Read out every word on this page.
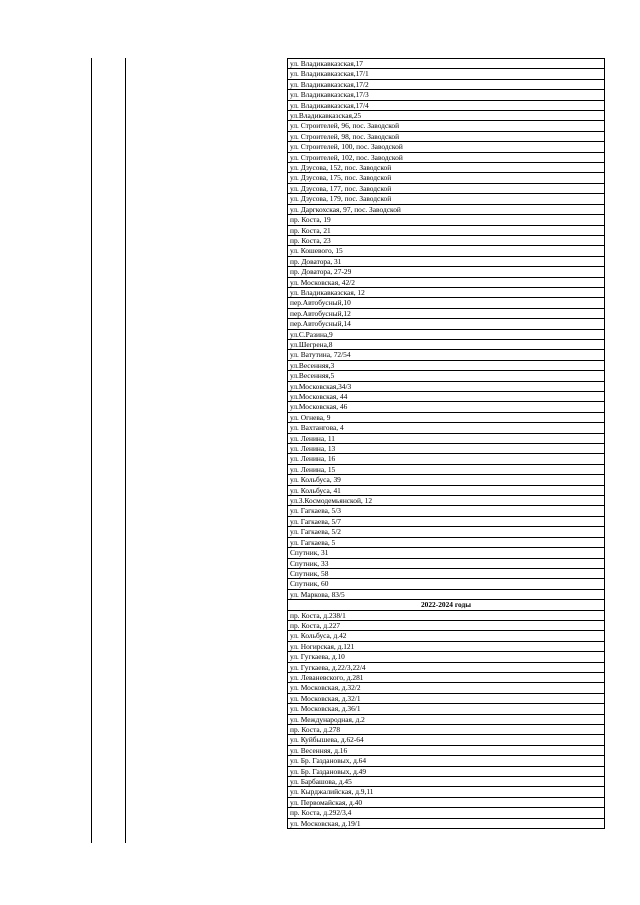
ул. Владикавказская,17
ул. Владикавказская,17/1
ул. Владикавказская,17/2
ул. Владикавказская,17/3
ул. Владикавказская,17/4
ул.Владикавказская,25
ул. Строителей, 96, пос. Заводской
ул. Строителей, 98, пос. Заводской
ул. Строителей, 100, пос. Заводской
ул. Строителей, 102, пос. Заводской
ул. Дзусова, 152, пос. Заводской
ул. Дзусова, 175, пос. Заводской
ул. Дзусова, 177, пос. Заводской
ул. Дзусова, 179, пос. Заводской
ул. Даргкохская, 97, пос. Заводской
пр. Коста, 19
пр. Коста, 21
пр. Коста, 23
ул. Кошевого, 15
пр. Доватора, 31
пр. Доватора, 27-29
ул. Московская, 42/2
ул. Владикавказская, 12
пер.Автобусный,10
пер.Автобусный,12
пер.Автобусный,14
ул.С.Разина,9
ул.Шегрена,8
ул. Ватутина, 72/54
ул.Весенняя,3
ул.Весенняя,5
ул.Московская,34/3
ул.Московская, 44
ул.Московская, 46
ул. Огнева, 9
ул. Вахтангова, 4
ул. Ленина, 11
ул. Ленина, 13
ул. Ленина, 16
ул. Ленина, 15
ул. Кольбуса, 39
ул. Кольбуса, 41
ул.З.Космодемьянской, 12
ул. Гагкаева, 5/3
ул. Гагкаева, 5/7
ул. Гагкаева, 5/2
ул. Гагкаева, 5
Спутник, 31
Спутник, 33
Спутник, 58
Спутник, 60
ул. Маркова, 83/5
2022-2024 годы
пр. Коста, д.238/1
пр. Коста, д.227
ул. Кольбуса, д.42
ул. Ногирская, д.121
ул. Гугкаева, д.10
ул. Гугкаева, д.22/3,22/4
ул. Леваневского, д.281
ул. Московская, д.32/2
ул. Московская, д.32/1
ул. Московская, д.36/1
ул. Международная, д.2
пр. Коста, д.278
ул. Куйбышева, д.62-64
ул. Весенняя, д.16
ул. Бр. Газдановых, д.64
ул. Бр. Газдановых, д.49
ул. Барбашова, д.45
ул. Кырджалийская, д.9,11
ул. Первомайская, д.40
пр. Коста, д.292/3,4
ул. Московская, д.19/1
